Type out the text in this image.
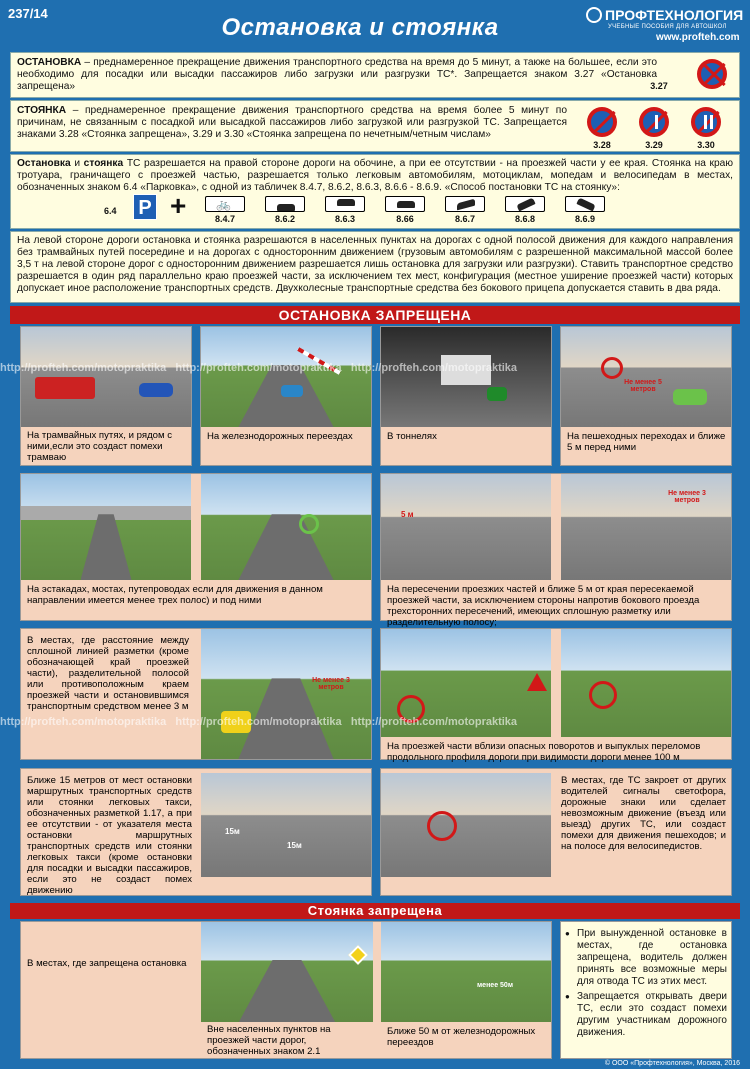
237/14
Остановка и стоянка	ПРОФТЕХНОЛОГИЯ
УЧЕБНЫЕ ПОСОБИЯ ДЛЯ АВТОШКОЛ
www.profteh.com

ОСТАНОВКА – преднамеренное прекращение движения транспортного средства на время до 5 минут, а также на большее, если это необходимо для посадки или высадки пассажиров либо загрузки или разгрузки ТС*. Запрещается знаком 3.27 «Остановка запрещена»	3.27

СТОЯНКА – преднамеренное прекращение движения транспортного средства на время более 5 минут по причинам, не связанным с посадкой или высадкой пассажиров либо загрузкой или разгрузкой ТС. Запрещается знаками 3.28 «Стоянка запрещена», 3.29 и 3.30 «Стоянка запрещена по нечетным/четным числам»

3.28	3.29	3.30

Остановка и стоянка ТС разрешается на правой стороне дороги на обочине, а при ее отсутствии - на проезжей части у ее края. Стоянка на краю тротуара, граничащего с проезжей частью, разрешается только легковым автомобилям, мотоциклам, мопедам и велосипедам в местах, обозначенных знаком 6.4 «Парковка», с одной из табличек 8.4.7, 8.6.2, 8.6.3, 8.6.6 - 8.6.9. «Способ постановки ТС на стоянку»:

6.4 P + 🚲
8.4.7	8.6.2	8.6.3	8.66	8.6.7	8.6.8	8.6.9

На левой стороне дороги остановка и стоянка разрешаются в населенных пунктах на дорогах с одной полосой движения для каждого направления без трамвайных путей посередине и на дорогах с односторонним движением (грузовым автомобилям с разрешенной максимальной массой более 3,5 т на левой стороне дорог с односторонним движением разрешается лишь остановка для загрузки или разгрузки). Ставить транспортное средство разрешается в один ряд параллельно краю проезжей части, за исключением тех мест, конфигурация (местное уширение проезжей части) которых допускает иное расположение транспортных средств. Двухколесные транспортные средства без бокового прицепа допускается ставить в два ряда.

ОСТАНОВКА ЗАПРЕЩЕНА
На трамвайных путях, и рядом с ними,если это создаст помехи трамваю
На железнодорожных переездах	В тоннелях
Не менее 5 метров
На пешеходных переходах и ближе 5 м перед ними
На эстакадах, мостах, путепроводах если для движения в данном направлении имеется менее трех полос) и под ними
5 м
Не менее 3 метров
На пересечении проезжих частей и ближе 5 м от края пересекаемой проезжей части, за исключением стороны напротив бокового проезда трехсторонних пересечений, имеющих сплошную разметку или разделительную полосу;
В местах, где расстояние между сплошной линией разметки (кроме обозначающей край проезжей части), разделительной полосой или противоположным краем проезжей части и остановившимся транспортным средством менее 3 м
Не менее 3 метров
На проезжей части вблизи опасных поворотов и выпуклых переломов продольного профиля дороги при видимости дороги менее 100 м
Ближе 15 метров от мест остановки маршрутных транспортных средств или стоянки легковых такси, обозначенных разметкой 1.17, а при ее отсутствии - от указателя места остановки маршрутных транспортных средств или стоянки легковых такси (кроме остановки для посадки и высадки пассажиров, если это не создаст помех движению
15м
15м
В местах, где ТС закроет от других водителей сигналы светофора, дорожные знаки или сделает невозможным движение (въезд или выезд) других ТС, или создаст помехи для движения пешеходов; и на полосе для велосипедистов.
http://profteh.com/motopraktika http://profteh.com/motopraktika http://profteh.com/motopraktika
http://profteh.com/motopraktika http://profteh.com/motopraktika http://profteh.com/motopraktika
Стоянка запрещена
В местах, где запрещена остановка
Вне населенных пунктов на проезжей части дорог, обозначенных знаком 2.1
менее 50м
Ближе 50 м от железнодорожных переездов
● При вынужденной остановке в местах, где остановка запрещена, водитель должен принять все возможные меры для отвода ТС из этих мест.
● Запрещается открывать двери ТС, если это создаст помехи другим участникам дорожного движения.
© ООО «Профтехнология», Москва, 2016
